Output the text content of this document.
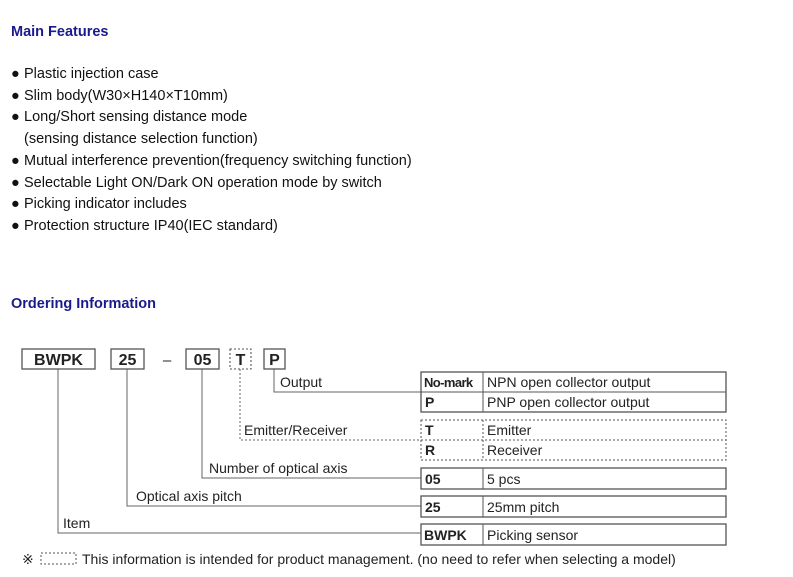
Main Features
● Plastic injection case
● Slim body(W30×H140×T10mm)
● Long/Short sensing distance mode
(sensing distance selection function)
● Mutual interference prevention(frequency switching function)
● Selectable Light ON/Dark ON operation mode by switch
● Picking indicator includes
● Protection structure IP40(IEC standard)
Ordering Information
BWPK 25 – 05 T P
Output
Emitter/Receiver
Number of optical axis
Optical axis pitch
Item
No-mark NPN open collector output
P	PNP open collector output
T	Emitter
R	Receiver
05	5 pcs
25	25mm pitch
BWPK Picking sensor
※	This information is intended for product management. (no need to refer when selecting a model)
